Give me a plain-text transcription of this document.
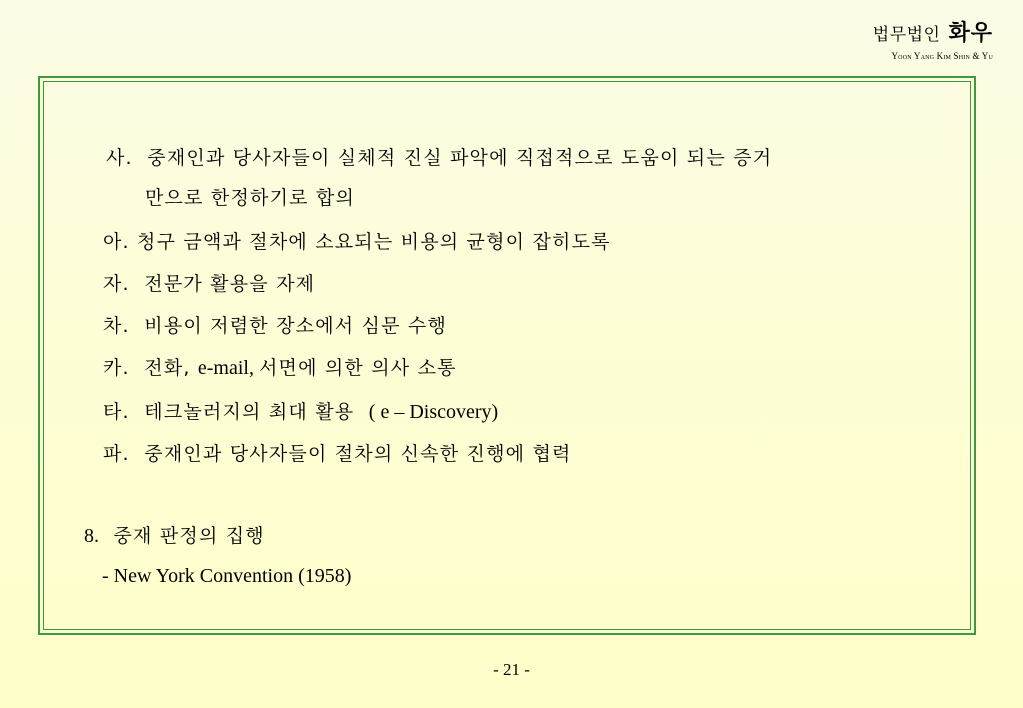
법무법인 화우
Yoon Yang Kim Shin & Yu
사. 중재인과 당사자들이 실체적 진실 파악에 직접적으로 도움이 되는 증거
만으로 한정하기로 합의
아. 청구 금액과 절차에 소요되는 비용의 균형이 잡히도록
자. 전문가 활용을 자제
차. 비용이 저렴한 장소에서 심문 수행
카. 전화, e-mail, 서면에 의한 의사 소통
타. 테크놀러지의 최대 활용 ( e – Discovery)
파. 중재인과 당사자들이 절차의 신속한 진행에 협력
8. 중재 판정의 집행
- New York Convention (1958)
- 21 -
